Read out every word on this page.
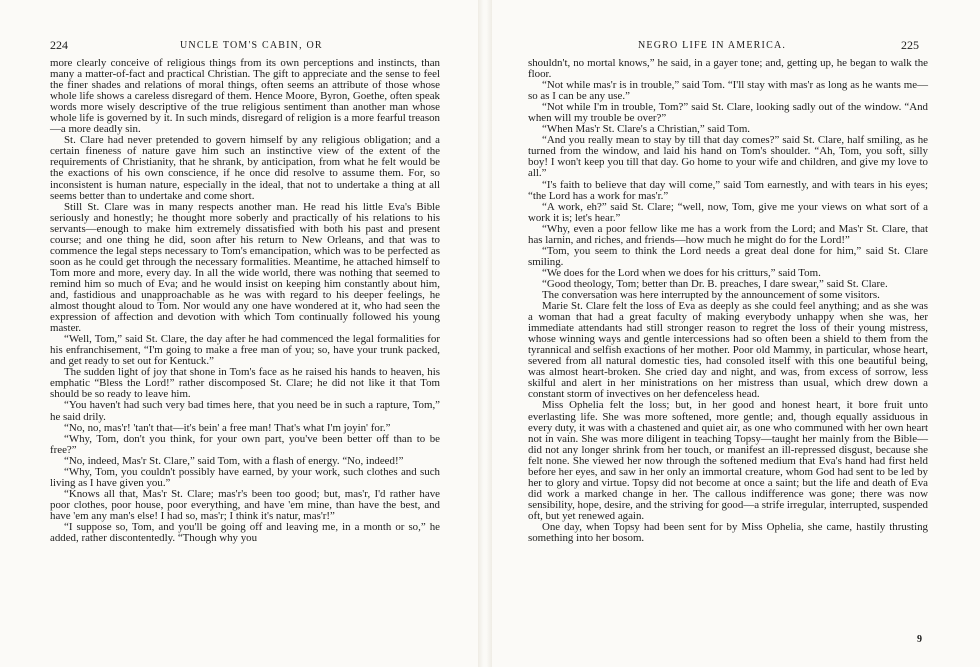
224	UNCLE TOM'S CABIN, OR

more clearly conceive of religious things from its own perceptions and instincts, than many a matter-of-fact and practical Christian. The gift to appreciate and the sense to feel the finer shades and relations of moral things, often seems an attribute of those whose whole life shows a careless disregard of them. Hence Moore, Byron, Goethe, often speak words more wisely descriptive of the true religious sentiment than another man whose whole life is governed by it. In such minds, disregard of religion is a more fearful treason—a more deadly sin.

St. Clare had never pretended to govern himself by any religious obligation; and a certain fineness of nature gave him such an instinctive view of the extent of the requirements of Christianity, that he shrank, by anticipation, from what he felt would be the exactions of his own conscience, if he once did resolve to assume them. For, so inconsistent is human nature, especially in the ideal, that not to undertake a thing at all seems better than to undertake and come short.

Still St. Clare was in many respects another man. He read his little Eva's Bible seriously and honestly; he thought more soberly and practically of his relations to his servants—enough to make him extremely dissatisfied with both his past and present course; and one thing he did, soon after his return to New Orleans, and that was to commence the legal steps necessary to Tom's emancipation, which was to be perfected as soon as he could get through the necessary formalities. Meantime, he attached himself to Tom more and more, every day. In all the wide world, there was nothing that seemed to remind him so much of Eva; and he would insist on keeping him constantly about him, and, fastidious and unapproachable as he was with regard to his deeper feelings, he almost thought aloud to Tom. Nor would any one have wondered at it, who had seen the expression of affection and devotion with which Tom continually followed his young master.

“Well, Tom,” said St. Clare, the day after he had commenced the legal formalities for his enfranchisement, “I'm going to make a free man of you; so, have your trunk packed, and get ready to set out for Kentuck.”

The sudden light of joy that shone in Tom's face as he raised his hands to heaven, his emphatic “Bless the Lord!” rather discomposed St. Clare; he did not like it that Tom should be so ready to leave him.

“You haven't had such very bad times here, that you need be in such a rapture, Tom,” he said drily.

“No, no, mas'r! 'tan't that—it's bein' a free man! That's what I'm joyin' for.”

“Why, Tom, don't you think, for your own part, you've been better off than to be free?”

“No, indeed, Mas'r St. Clare,” said Tom, with a flash of energy. “No, indeed!”

“Why, Tom, you couldn't possibly have earned, by your work, such clothes and such living as I have given you.”

“Knows all that, Mas'r St. Clare; mas'r's been too good; but, mas'r, I'd rather have poor clothes, poor house, poor everything, and have 'em mine, than have the best, and have 'em any man's else! I had so, mas'r; I think it's natur, mas'r!”

“I suppose so, Tom, and you'll be going off and leaving me, in a month or so,” he added, rather discontentedly. “Though why you

NEGRO LIFE IN AMERICA.	225

shouldn't, no mortal knows,” he said, in a gayer tone; and, getting up, he began to walk the floor.

“Not while mas'r is in trouble,” said Tom. “I'll stay with mas'r as long as he wants me—so as I can be any use.”

“Not while I'm in trouble, Tom?” said St. Clare, looking sadly out of the window. “And when will my trouble be over?”

“When Mas'r St. Clare's a Christian,” said Tom.

“And you really mean to stay by till that day comes?” said St. Clare, half smiling, as he turned from the window, and laid his hand on Tom's shoulder. “Ah, Tom, you soft, silly boy! I won't keep you till that day. Go home to your wife and children, and give my love to all.”

“I's faith to believe that day will come,” said Tom earnestly, and with tears in his eyes; “the Lord has a work for mas'r.”

“A work, eh?” said St. Clare; “well, now, Tom, give me your views on what sort of a work it is; let's hear.”

“Why, even a poor fellow like me has a work from the Lord; and Mas'r St. Clare, that has larnin, and riches, and friends—how much he might do for the Lord!”

“Tom, you seem to think the Lord needs a great deal done for him,” said St. Clare smiling.

“We does for the Lord when we does for his critturs,” said Tom.

“Good theology, Tom; better than Dr. B. preaches, I dare swear,” said St. Clare.

The conversation was here interrupted by the announcement of some visitors.

Marie St. Clare felt the loss of Eva as deeply as she could feel anything; and as she was a woman that had a great faculty of making everybody unhappy when she was, her immediate attendants had still stronger reason to regret the loss of their young mistress, whose winning ways and gentle intercessions had so often been a shield to them from the tyrannical and selfish exactions of her mother. Poor old Mammy, in particular, whose heart, severed from all natural domestic ties, had consoled itself with this one beautiful being, was almost heart-broken. She cried day and night, and was, from excess of sorrow, less skilful and alert in her ministrations on her mistress than usual, which drew down a constant storm of invectives on her defenceless head.

Miss Ophelia felt the loss; but, in her good and honest heart, it bore fruit unto everlasting life. She was more softened, more gentle; and, though equally assiduous in every duty, it was with a chastened and quiet air, as one who communed with her own heart not in vain. She was more diligent in teaching Topsy—taught her mainly from the Bible—did not any longer shrink from her touch, or manifest an ill-repressed disgust, because she felt none. She viewed her now through the softened medium that Eva's hand had first held before her eyes, and saw in her only an immortal creature, whom God had sent to be led by her to glory and virtue. Topsy did not become at once a saint; but the life and death of Eva did work a marked change in her. The callous indifference was gone; there was now sensibility, hope, desire, and the striving for good—a strife irregular, interrupted, suspended oft, but yet renewed again.

One day, when Topsy had been sent for by Miss Ophelia, she came, hastily thrusting something into her bosom.

9
